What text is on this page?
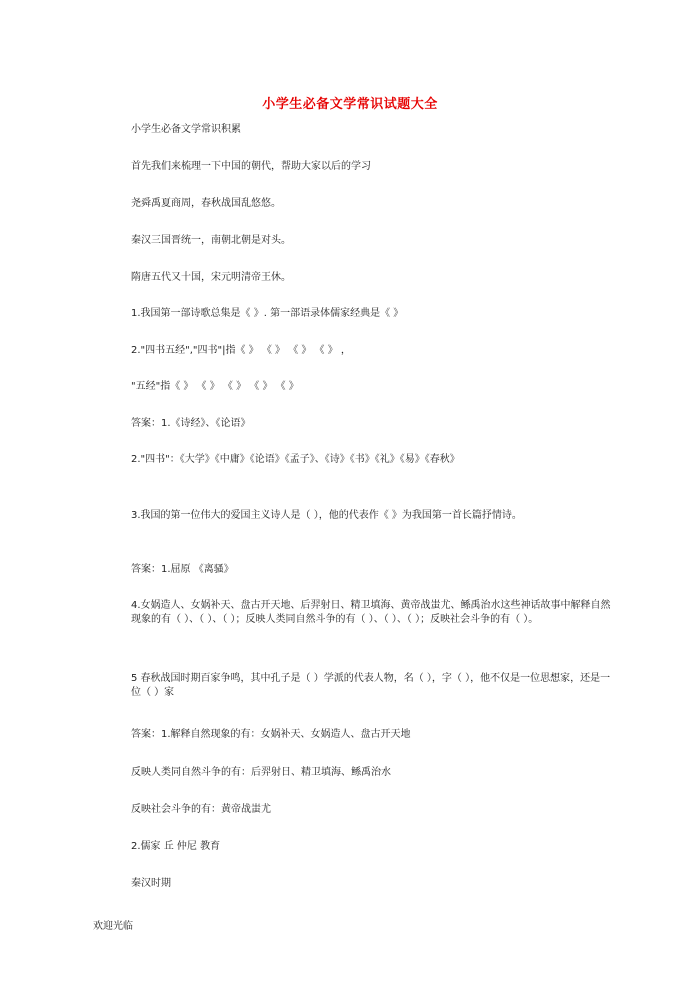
小学生必备文学常识试题大全
小学生必备文学常识积累
首先我们来梳理一下中国的朝代，帮助大家以后的学习
尧舜禹夏商周，春秋战国乱悠悠。
秦汉三国晋统一，南朝北朝是对头。
隋唐五代又十国，宋元明清帝王休。
1.我国第一部诗歌总集是《 》. 第一部语录体儒家经典是《 》
2."四书五经","四书"|指《 》 《 》 《 》 《 》 ，
"五经"指《 》 《 》 《 》 《 》 《 》
答案：1.《诗经》、《论语》
2."四书"：《大学》《中庸》《论语》《孟子》、《诗》《书》《礼》《易》《春秋》
3.我国的第一位伟大的爱国主义诗人是（ ），他的代表作《 》为我国第一首长篇抒情诗。
答案：1.屈原 《离骚》
4.女娲造人、女娲补天、盘古开天地、后羿射日、精卫填海、黄帝战蚩尤、鲧禹治水这些神话故事中解释自然现象的有（ ）、（ ）、（ ）；反映人类同自然斗争的有（ ）、（ ）、（ ）；反映社会斗争的有（ ）。
5 春秋战国时期百家争鸣，其中孔子是（ ）学派的代表人物，名（ ），字（ ），他不仅是一位思想家，还是一位（ ）家
答案：1.解释自然现象的有：女娲补天、女娲造人、盘古开天地
反映人类同自然斗争的有：后羿射日、精卫填海、鲧禹治水
反映社会斗争的有：黄帝战蚩尤
2.儒家 丘 仲尼 教育
秦汉时期
欢迎光临
